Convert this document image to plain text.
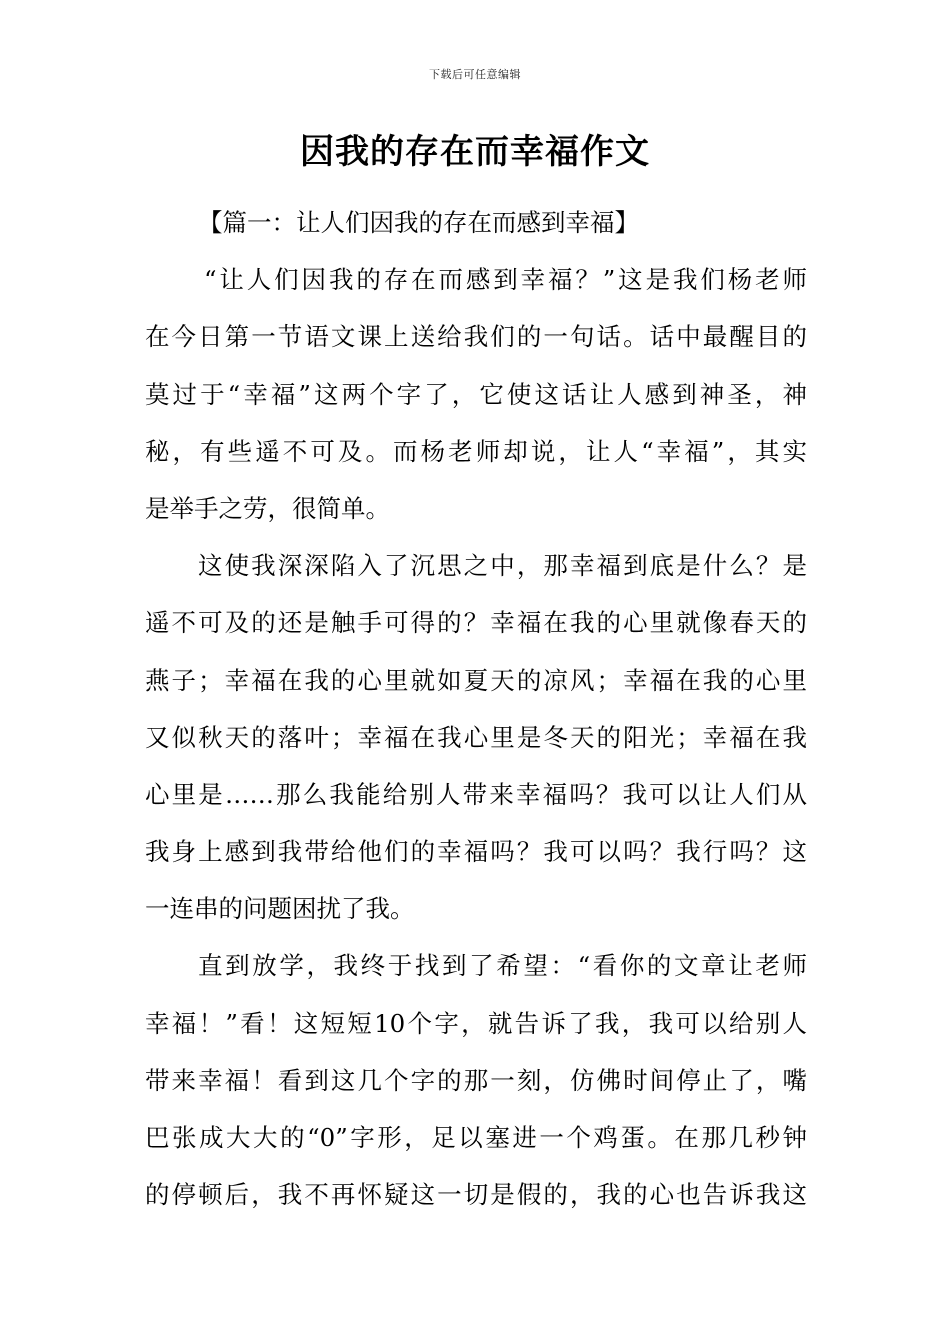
下载后可任意编辑
因我的存在而幸福作文
【篇一：让人们因我的存在而感到幸福】
“让人们因我的存在而感到幸福？”这是我们杨老师
在今日第一节语文课上送给我们的一句话。话中最醒目的
莫过于“幸福”这两个字了，它使这话让人感到神圣，神
秘，有些遥不可及。而杨老师却说，让人“幸福”，其实
是举手之劳，很简单。
这使我深深陷入了沉思之中，那幸福到底是什么？是
遥不可及的还是触手可得的？幸福在我的心里就像春天的
燕子；幸福在我的心里就如夏天的凉风；幸福在我的心里
又似秋天的落叶；幸福在我心里是冬天的阳光；幸福在我
心里是……那么我能给别人带来幸福吗？我可以让人们从
我身上感到我带给他们的幸福吗？我可以吗？我行吗？这
一连串的问题困扰了我。
直到放学，我终于找到了希望：“看你的文章让老师
幸福！”看！这短短10个字，就告诉了我，我可以给别人
带来幸福！看到这几个字的那一刻，仿佛时间停止了，嘴
巴张成大大的“0”字形，足以塞进一个鸡蛋。在那几秒钟
的停顿后，我不再怀疑这一切是假的，我的心也告诉我这
